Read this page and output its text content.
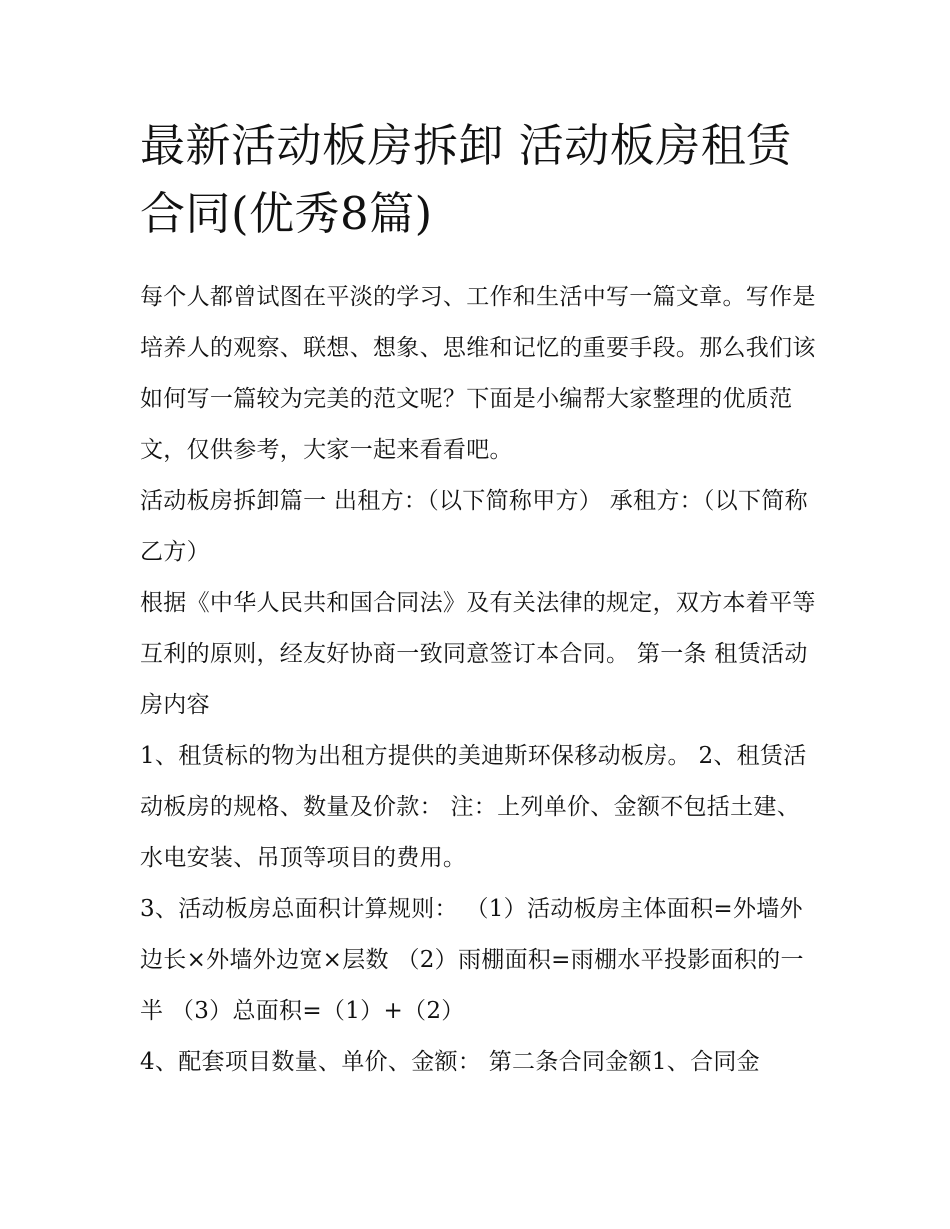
最新活动板房拆卸 活动板房租赁合同(优秀8篇)

每个人都曾试图在平淡的学习、工作和生活中写一篇文章。写作是培养人的观察、联想、想象、思维和记忆的重要手段。那么我们该如何写一篇较为完美的范文呢？下面是小编帮大家整理的优质范文，仅供参考，大家一起来看看吧。

活动板房拆卸篇一 出租方：（以下简称甲方） 承租方：（以下简称乙方）

根据《中华人民共和国合同法》及有关法律的规定，双方本着平等互利的原则，经友好协商一致同意签订本合同。 第一条 租赁活动房内容

1、租赁标的物为出租方提供的美迪斯环保移动板房。 2、租赁活动板房的规格、数量及价款： 注：上列单价、金额不包括土建、水电安装、吊顶等项目的费用。

3、活动板房总面积计算规则： （1）活动板房主体面积=外墙外边长×外墙外边宽×层数 （2）雨棚面积=雨棚水平投影面积的一半 （3）总面积=（1）+（2）

4、配套项目数量、单价、金额： 第二条合同金额1、合同金
